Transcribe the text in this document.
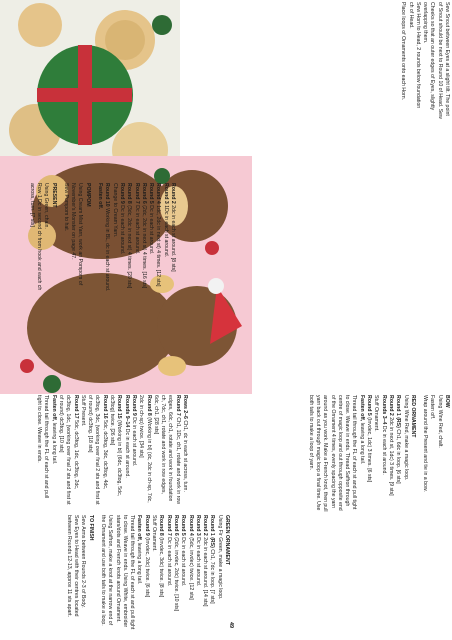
Round 2 2dc in each st around. [8 sts]

Round 3 1Dc in each st around.

Round 4 1dc, 2dc in next st) 4 times. [12 sts]

Round 5 Dc in each st around.

Round 6 (2dc, 2dc in next st) 4 times. [16 sts]

Round 7 Dc in each st around.

Round 8 (3dc, 2dc in next st) 4 times. [20 sts]

Round 9 Dc in each st around.

Change to Cream Yarn.

Round 10 Working in BL, dc in each st around.

Fasten off.

POMPOM

Using Cream Mist Yarn, work an Pompom of

November's Monster on page 47.

Sew Pompom to hat.

PRESENT

Using Green, chain.

Row 1 Dc in second ch from hook and each ch

across, turn. [7 sts]

Rows 2–6 Ch1, dc in each st across, turn.

Round 7 Ch1, 1Dc, ch1, rotate and work in row edges, 6dc, ch1, rotate and work in foundation ch, 7dc, ch1, rotate and work in row edges, 6dc, ch1. [28 sts]

Round 8 (Working in bl) (dc, 2dc in ch-sp, 7dc, 2dc in ch-sp) twice. [34 sts]

Round 9 Dc in each st around.

Rounds 9–14 Dc in each st around.

Round 15 (Working in bl) (6dc, dc3tog, 5dc, dc3tog) twice. [26 sts]

Round 16 5dc, dc3tog, 3dc, dc3tog, 4dc, dc3tog, 3dc, (working over final 2 sts and first st of round) dc3tog. [18 sts]

Stuff Present.

Round 17 5dc, dc3tog, 1dc, dc3tog, 2dc, dc3tog, 1dc, (working over final 2 sts and first st of round) dc3tog. [10 sts]

Fasten off, leaving a long tail.

Thread tail through the FL of each st and pull tight to close. Weave in ends.	BOW

Using Wine Red, chalt.

Fasten off.

Wrap around the Present and tie in a bow.

RED ORNAMENT

Using Wine Red, make a magic loop.

Round 1 (RS) Ch1, 6dc in loop. [6 sts]

Round 2 2dc in next st, 1dc) 3 times. [9 sts]

Rounds 3–4 Dc in each st around.

Stuff Ornament.

Round 5 (Invdec, 1dc) 3 times. [6 sts]

Fasten off, leaving a long tail.

Thread tail through the FL of each st and pull tight to close. Weave in ends. Thread Saffron through centre of magic loop and out through opposite end of the Ornament 4 times, evenly spacing the yarn around as you work. Make a French knot, then pull yarn back out through magic loop a final time. Use both tails to make a loop of yarn.

49

GREEN ORNAMENT

Using Fir Green, make a magic loop.

Round 1 (RS) Ch1, 7dc in loop. [7 sts]

Round 2 2dc in each st around. [14 sts]

Round 3 Dc in each st around.

Round 4 (5dc, invdec) twice. [12 sts]

Round 5 Dc in each st around.

Round 6 (2dc, invdec, 2dc) twice. [10 sts]

Round 7 Dc in each st around.

Round 8 (Invdec, 3dc) twice. [8 sts]

Stuff Ornament.

Round 9 (Invdec, 2dc) twice. [6 sts]

Fasten off, leaving a long tail.

Thread tail through the FL of each st and pull tight to close. Weave in ends. Using White, embroider stars/dots and French knots around Ornament. Using Saffron, make a knot at the narrow end of the Ornament and use both tails to make a loop.

TO FINISH

Sew Arms between Rounds 2-3 of Body.

Sew Eyes to Head with their centres located

between Rounds 12-13, approx 11 sts apart.

Sew Snout between Eyes at a slight tilt. The point

of Snout should be next to Round 10 of Head. Sew

Cheeks so that an outer edges of Eyes, slightly

overlapping them.

Sew Horn to Head, 2 rounds below foundation

ch of Head.

Place loops of Ornaments onto each Horn.
